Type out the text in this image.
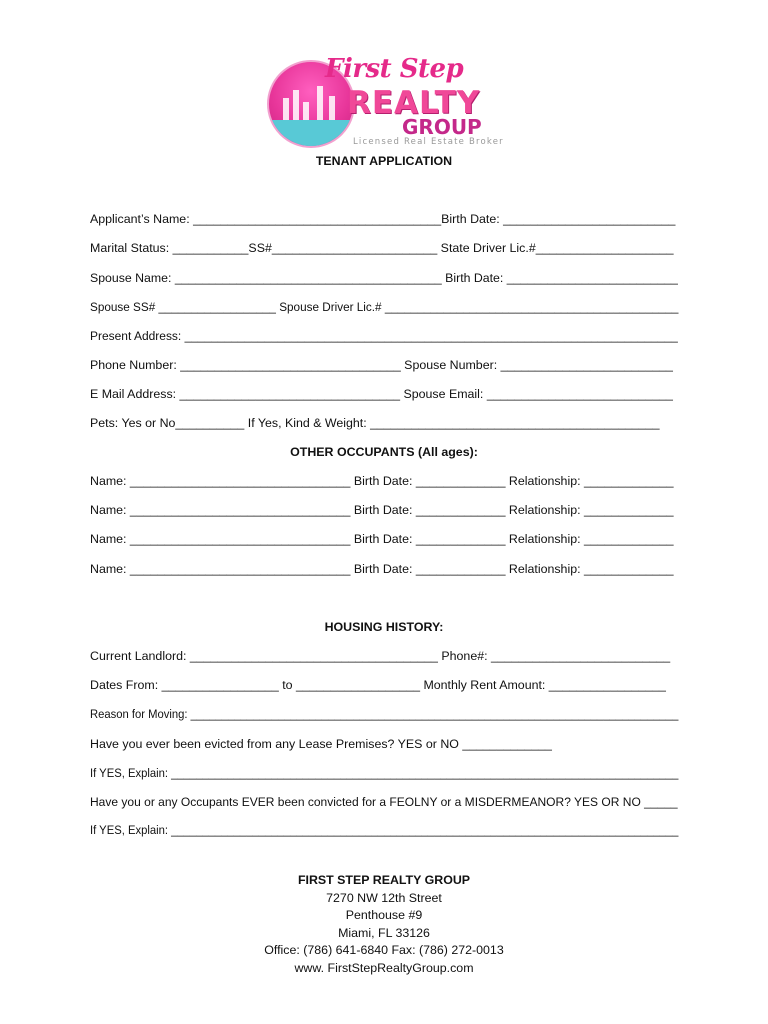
First Step
REALTY
GROUP
Licensed Real Estate Broker
TENANT APPLICATION
Applicant’s Name: ____________________________________Birth Date: _________________________
Marital Status: ___________SS#________________________ State Driver Lic.#____________________
Spouse Name: _______________________________________ Birth Date: _________________________
Spouse SS# __________________ Spouse Driver Lic.# _____________________________________________
Present Address: __________________________________________________________________________
Phone Number: ________________________________ Spouse Number: _________________________
E Mail Address: ________________________________ Spouse Email: ___________________________
Pets: Yes or No__________ If Yes, Kind & Weight: __________________________________________
OTHER OCCUPANTS (All ages):
Name: ________________________________ Birth Date: _____________ Relationship: _____________
Name: ________________________________ Birth Date: _____________ Relationship: _____________
Name: ________________________________ Birth Date: _____________ Relationship: _____________
Name: ________________________________ Birth Date: _____________ Relationship: _____________
HOUSING HISTORY:
Current Landlord: ____________________________________ Phone#: __________________________
Dates From: _________________ to __________________ Monthly Rent Amount: _________________
Reason for Moving: ______________________________________________________________________________
Have you ever been evicted from any Lease Premises? YES or NO _____________
If YES, Explain: _________________________________________________________________________________
Have you or any Occupants EVER been convicted for a FEOLNY or a MISDERMEANOR? YES OR NO _____
If YES, Explain: _________________________________________________________________________________
FIRST STEP REALTY GROUP
7270 NW 12th Street
Penthouse #9
Miami, FL 33126
Office: (786) 641-6840 Fax: (786) 272-0013
www. FirstStepRealtyGroup.com
